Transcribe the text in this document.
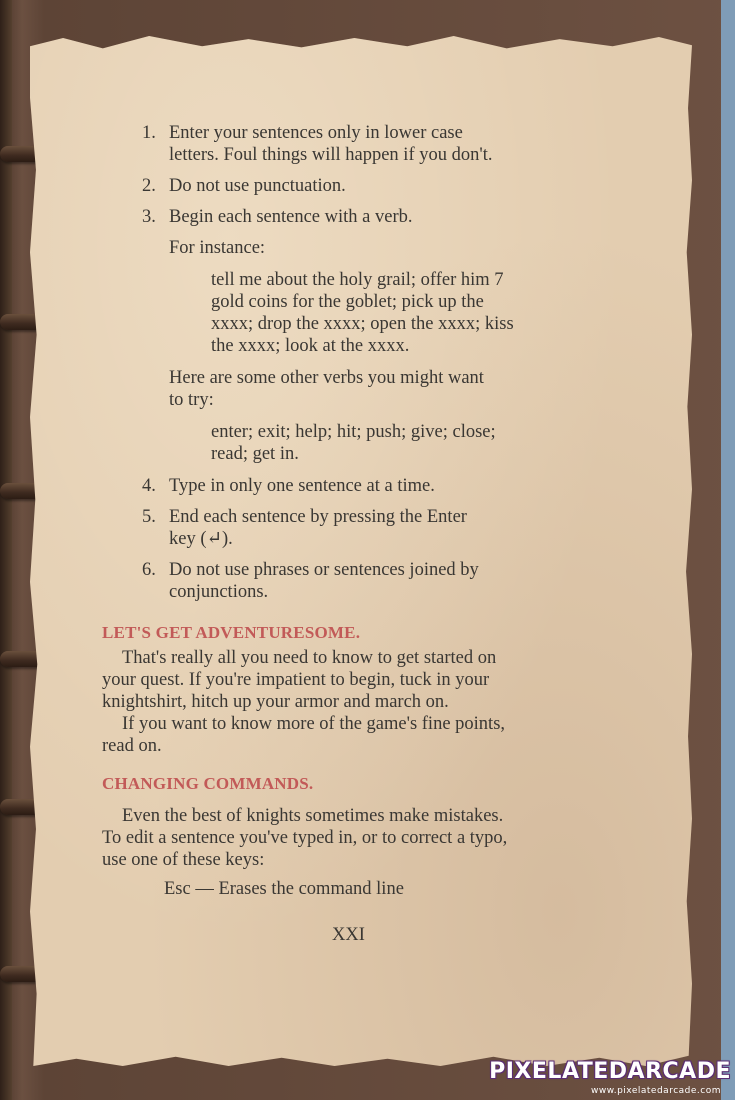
1. Enter your sentences only in lower case
letters. Foul things will happen if you don't.
2. Do not use punctuation.
3. Begin each sentence with a verb.
For instance:
tell me about the holy grail; offer him 7
gold coins for the goblet; pick up the
xxxx; drop the xxxx; open the xxxx; kiss
the xxxx; look at the xxxx.
Here are some other verbs you might want
to try:
enter; exit; help; hit; push; give; close;
read; get in.
4. Type in only one sentence at a time.
5. End each sentence by pressing the Enter
key (↵).
6. Do not use phrases or sentences joined by
conjunctions.
LET'S GET ADVENTURESOME.

That's really all you need to know to get started on
your quest. If you're impatient to begin, tuck in your
knightshirt, hitch up your armor and march on.

If you want to know more of the game's fine points,
read on.

CHANGING COMMANDS.

Even the best of knights sometimes make mistakes.
To edit a sentence you've typed in, or to correct a typo,
use one of these keys:

Esc — Erases the command line
XXI
PIXELATEDARCADE
www.pixelatedarcade.com
